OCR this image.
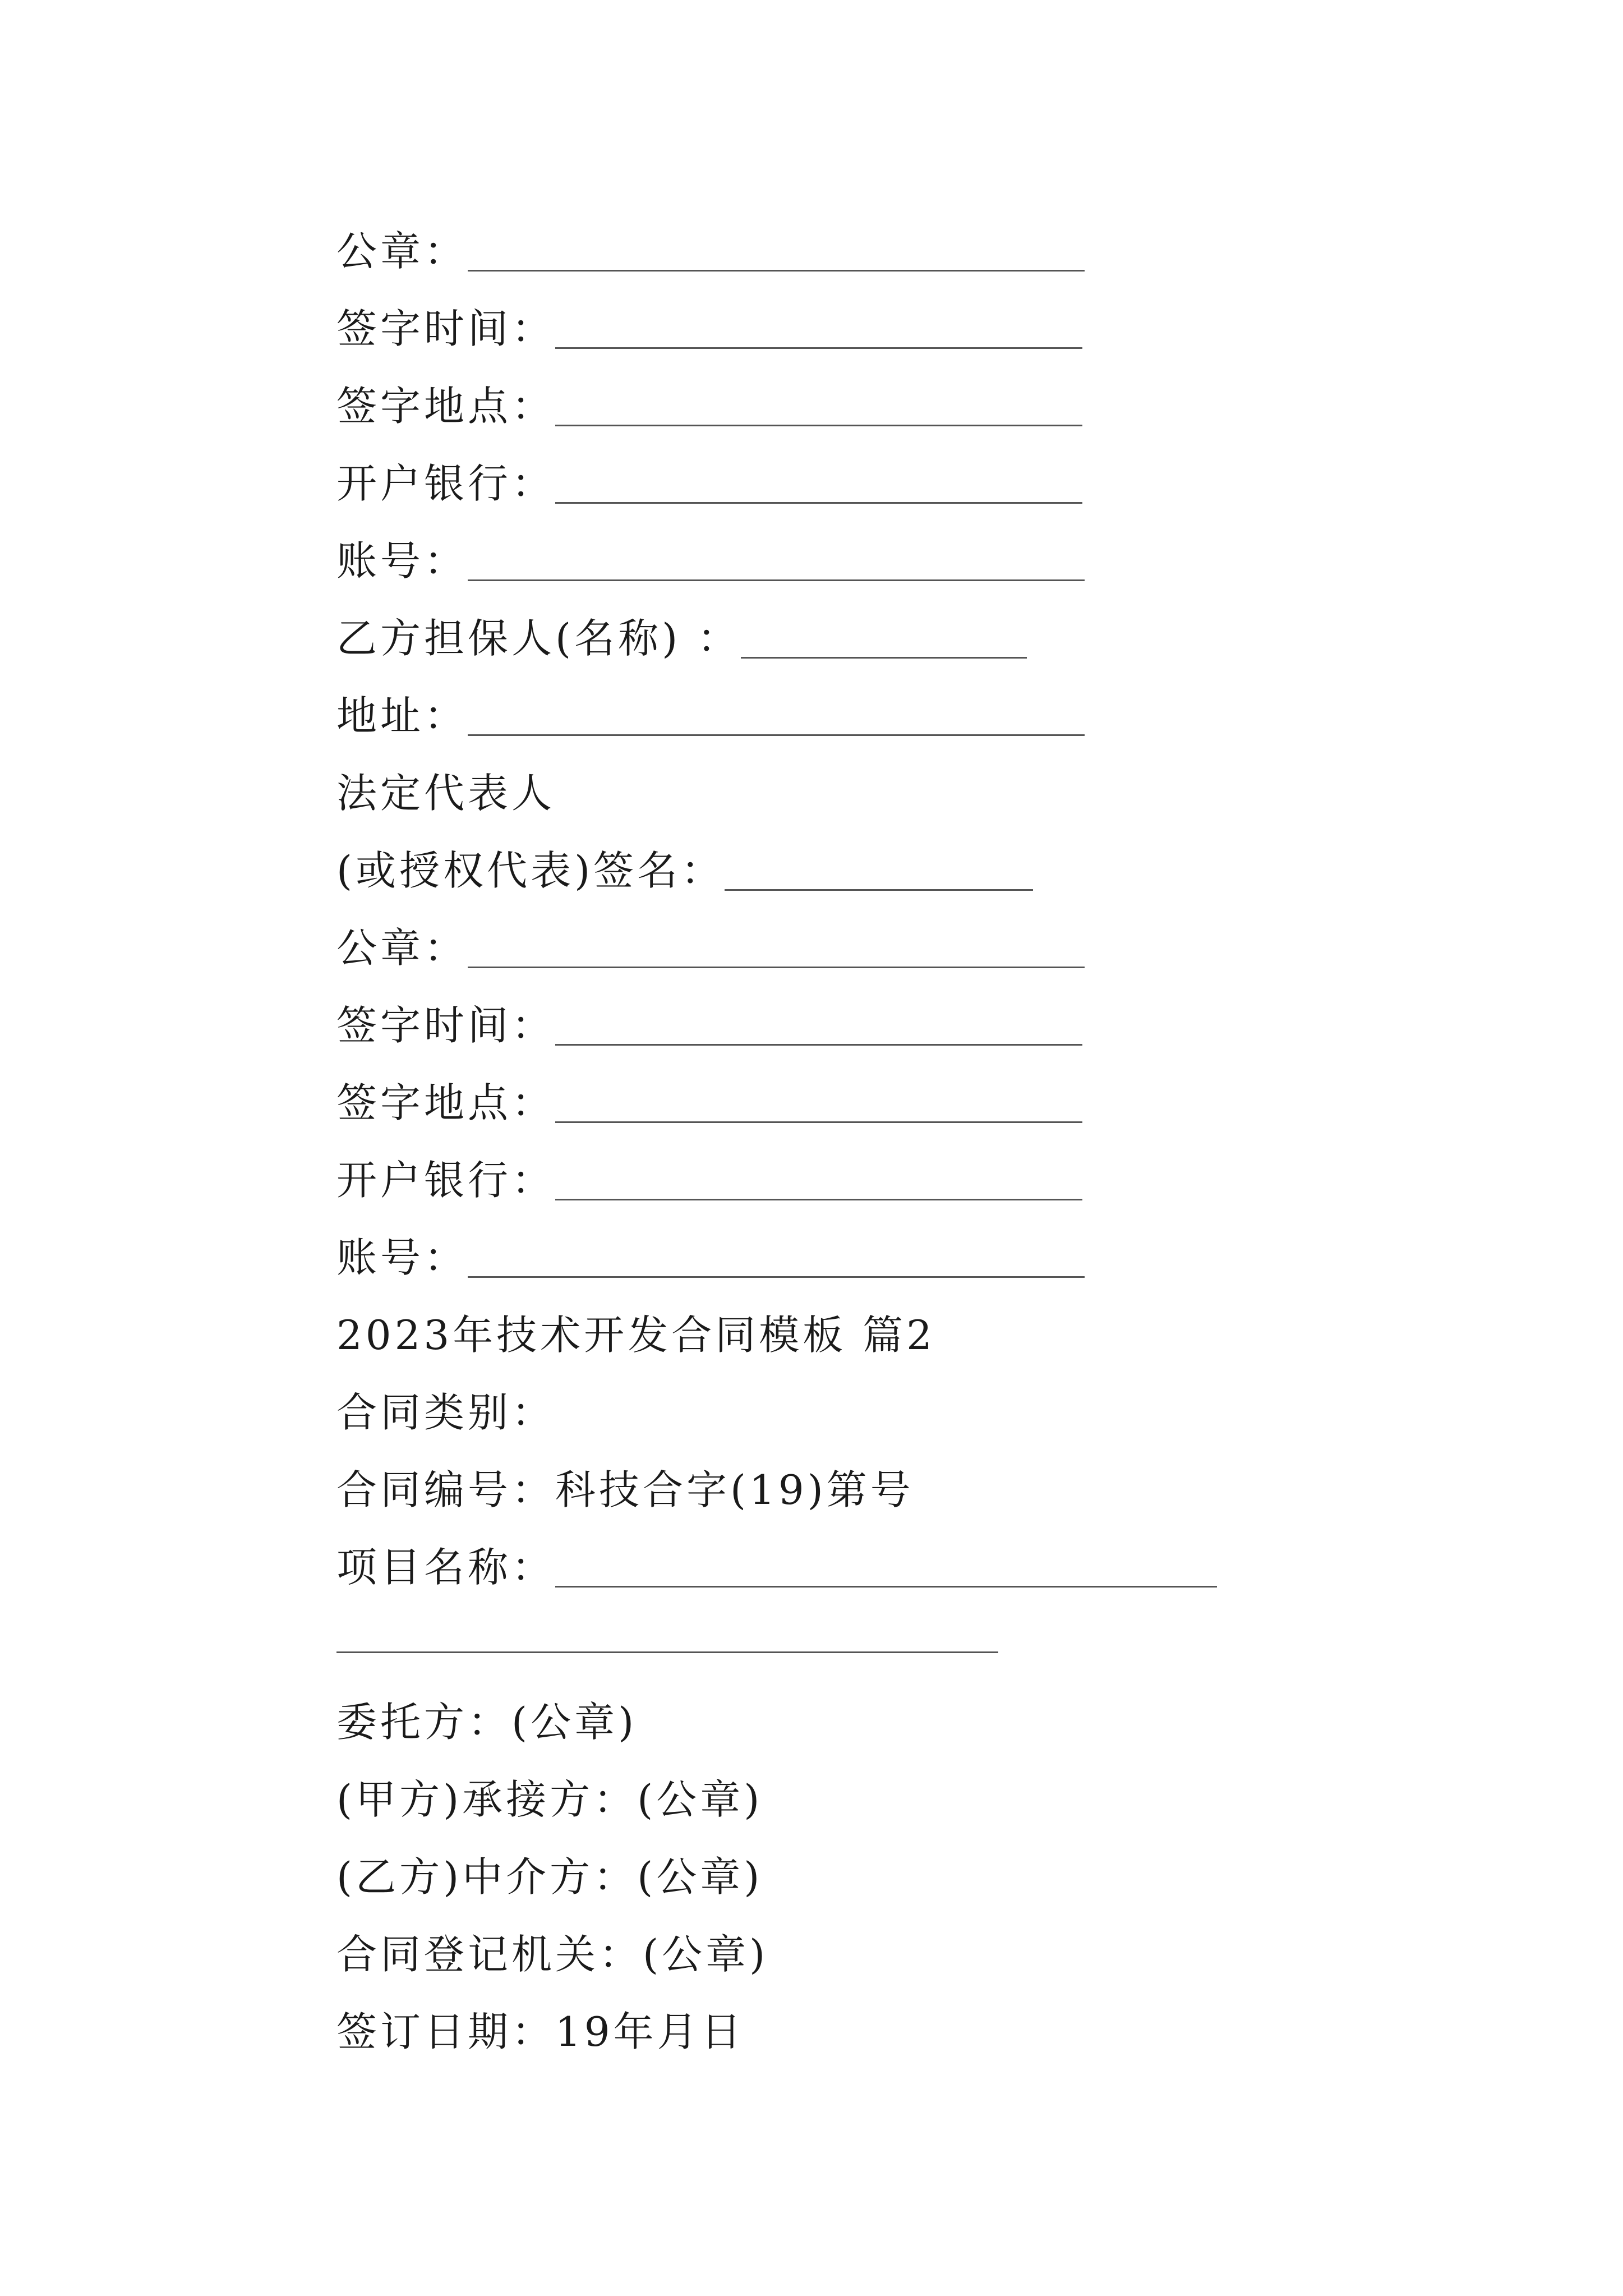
公章：
签字时间：
签字地点：
开户银行：
账号：
乙方担保人(名称) ：
地址：
法定代表人
(或授权代表)签名：
公章：
签字时间：
签字地点：
开户银行：
账号：
2023年技术开发合同模板 篇2
合同类别：
合同编号：科技合字(19)第号
项目名称：
委托方：(公章)
(甲方)承接方：(公章)
(乙方)中介方：(公章)
合同登记机关：(公章)
签订日期：19年月日
